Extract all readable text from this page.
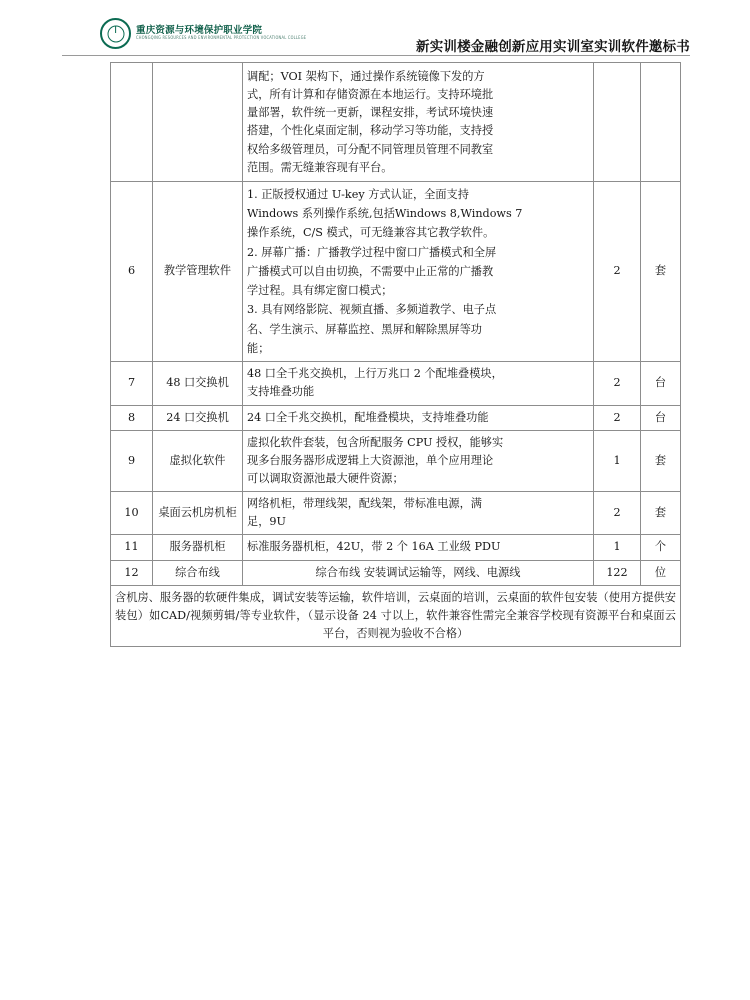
重庆资源与环境保护职业学院
CHONGQING RESOURCES AND ENVIRONMENTAL PROTECTION VOCATIONAL COLLEGE
新实训楼金融创新应用实训室实训软件邀标书

调配；VOI 架构下，通过操作系统镜像下发的方
式，所有计算和存储资源在本地运行。支持环境批
量部署，软件统一更新，课程安排，考试环境快速
搭建，个性化桌面定制，移动学习等功能，支持授
权给多级管理员，可分配不同管理员管理不同教室
范围。需无缝兼容现有平台。

6	教学管理软件	
1. 正版授权通过 U-key 方式认证，全面支持
Windows 系列操作系统,包括Windows 8,Windows 7
操作系统，C/S 模式，可无缝兼容其它教学软件。
2. 屏幕广播：广播教学过程中窗口广播模式和全屏
广播模式可以自由切换，不需要中止正常的广播教
学过程。具有绑定窗口模式；
3. 具有网络影院、视频直播、多频道教学、电子点
名、学生演示、屏幕监控、黑屏和解除黑屏等功
能；
	2	套
7	48 口交换机	48 口全千兆交换机，上行万兆口 2 个配堆叠模块，
支持堆叠功能	2	台
8	24 口交换机	24 口全千兆交换机，配堆叠模块，支持堆叠功能	2	台
9	虚拟化软件	虚拟化软件套装，包含所配服务 CPU 授权，能够实
现多台服务器形成逻辑上大资源池，单个应用理论
可以调取资源池最大硬件资源；	1	套
10	桌面云机房机柜	网络机柜，带理线架，配线架，带标准电源，满
足，9U	2	套
11	服务器机柜	标准服务器机柜，42U，带 2 个 16A 工业级 PDU	1	个
12	综合布线	综合布线 安装调试运输等，网线、电源线	122	位
含机房、服务器的软硬件集成，调试安装等运输，软件培训，云桌面的培训，云桌面的软件包安装（使用方提供安装包）如CAD/视频剪辑/等专业软件，（显示设备 24 寸以上，软件兼容性需完全兼容学校现有资源平台和桌面云平台，否则视为验收不合格）				
